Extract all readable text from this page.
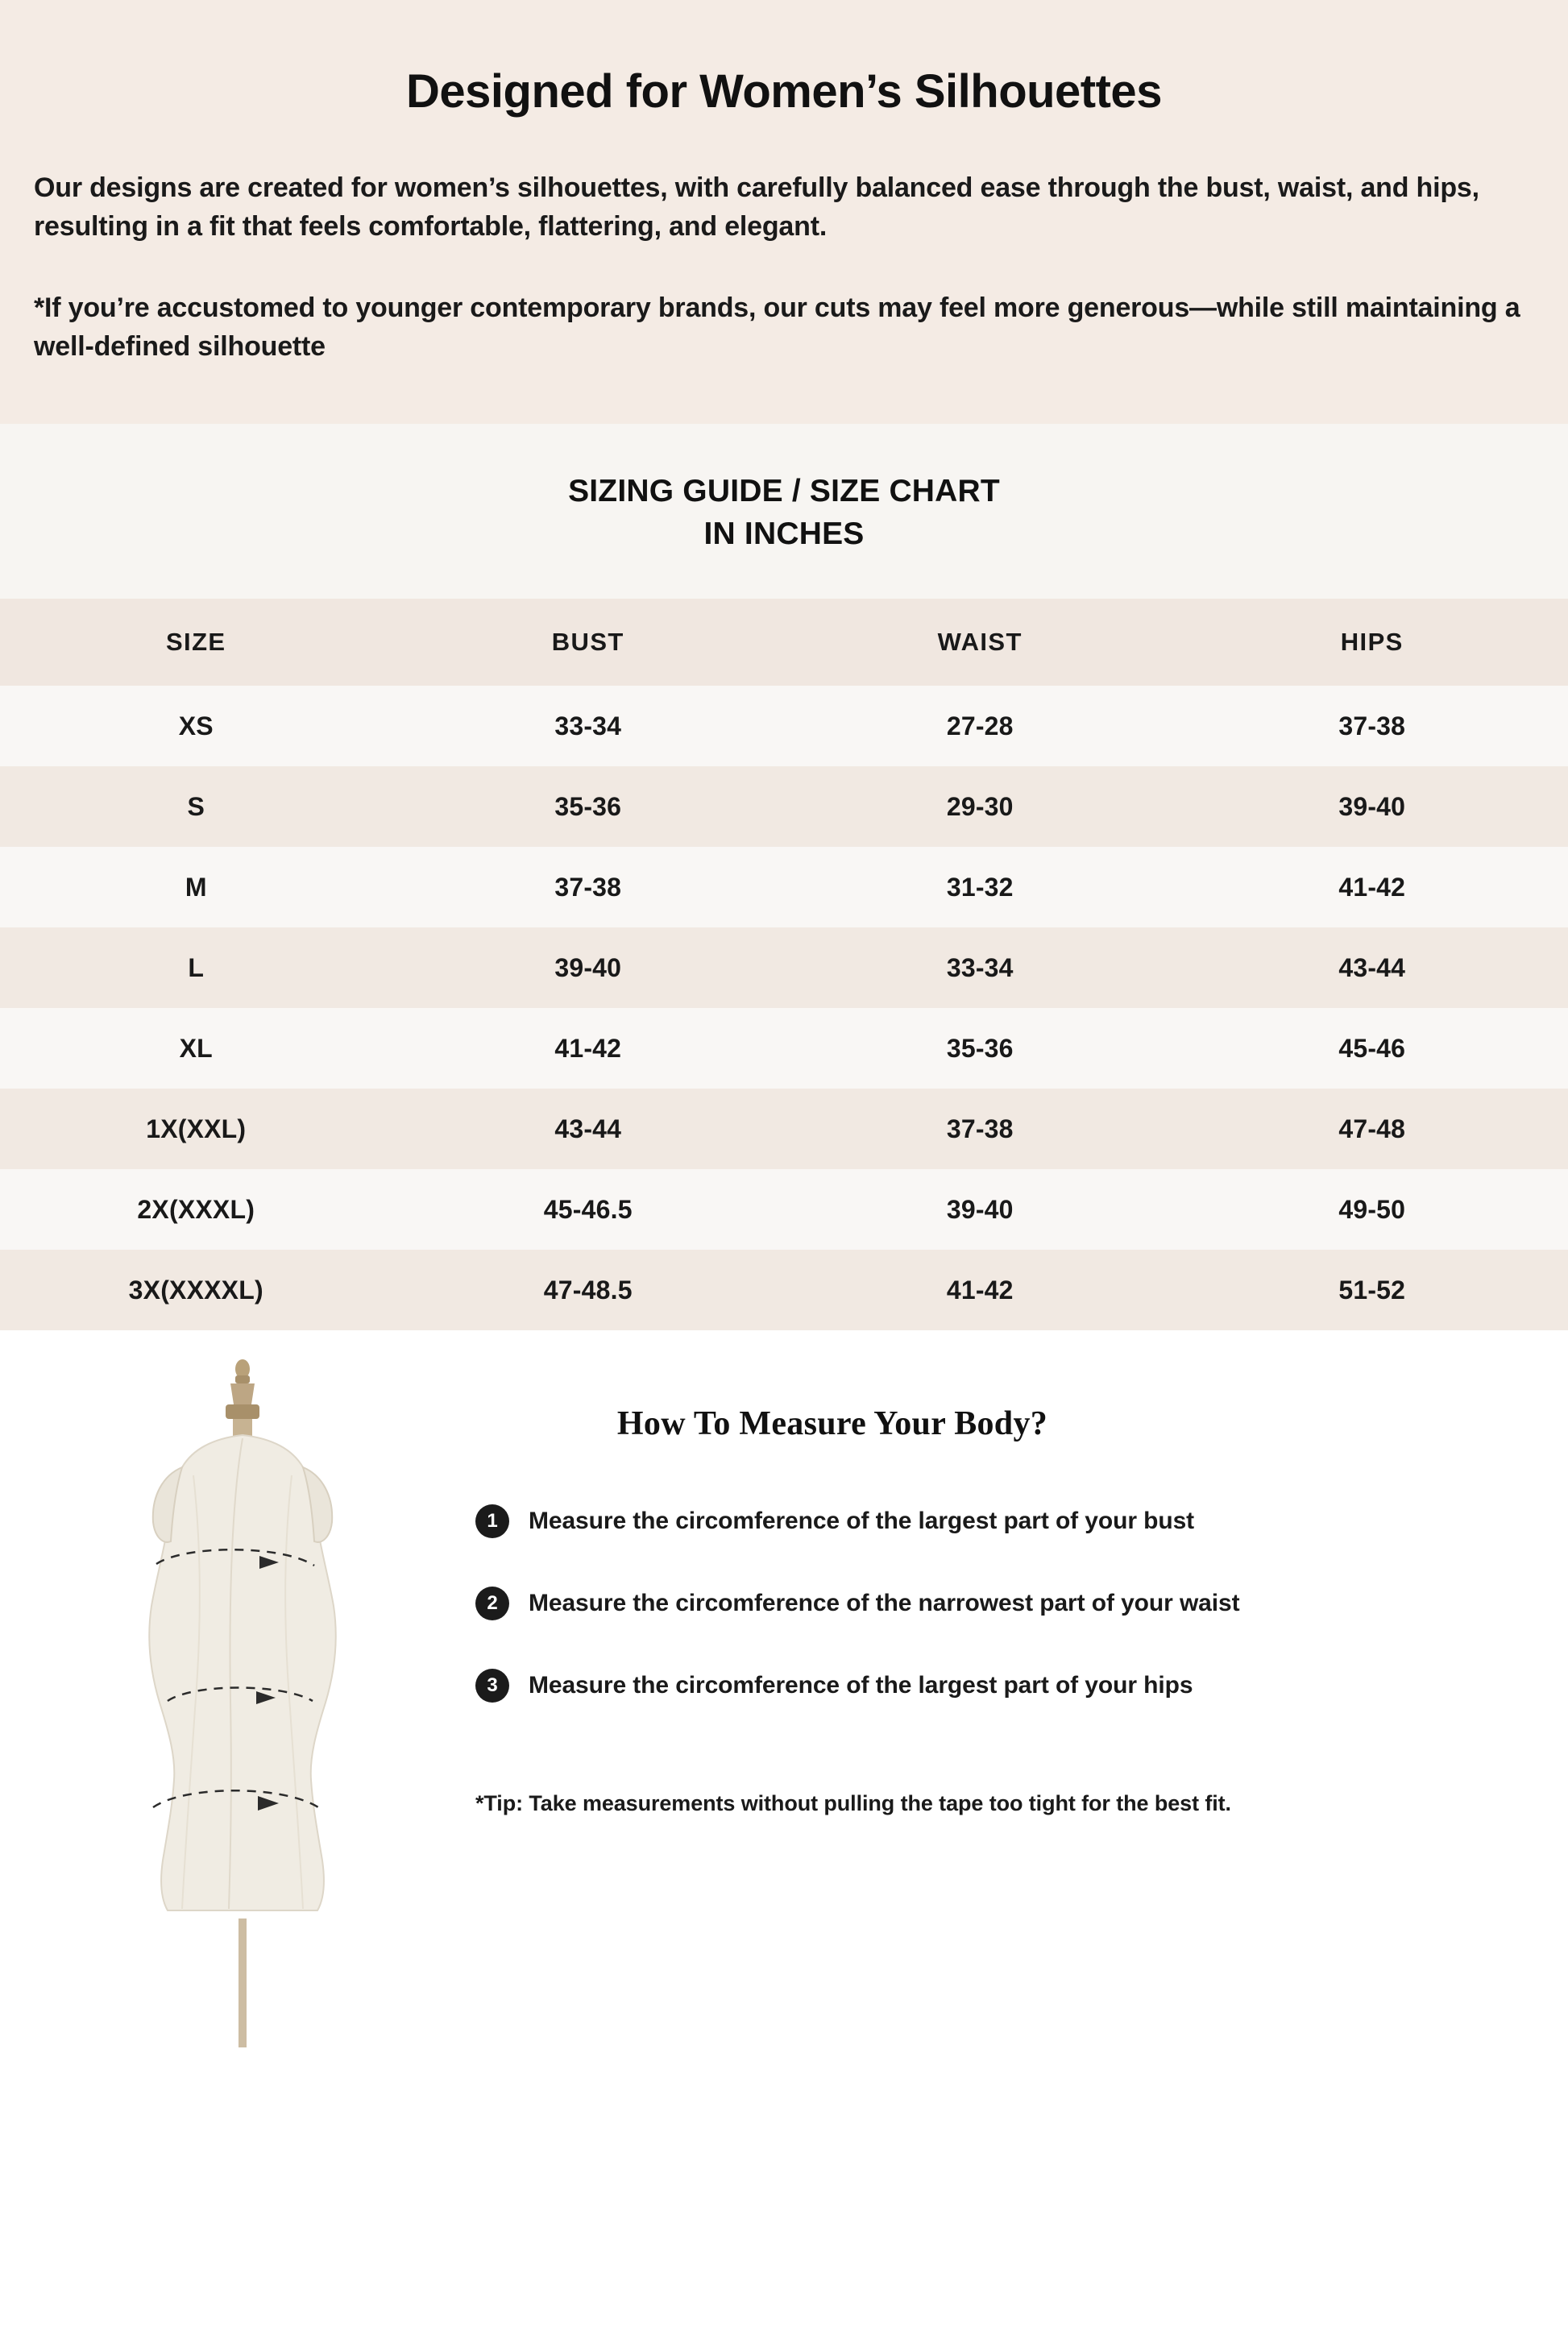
Designed for Women’s Silhouettes

Our designs are created for women’s silhouettes, with carefully balanced ease through the bust, waist, and hips, resulting in a fit that feels comfortable, flattering, and elegant.

*If you’re accustomed to younger contemporary brands, our cuts may feel more generous—while still maintaining a well-defined silhouette

SIZING GUIDE / SIZE CHART
IN INCHES
SIZE	BUST	WAIST	HIPS
XS	33-34	27-28	37-38
S	35-36	29-30	39-40
M	37-38	31-32	41-42
L	39-40	33-34	43-44
XL	41-42	35-36	45-46
1X(XXL)	43-44	37-38	47-48
2X(XXXL)	45-46.5	39-40	49-50
3X(XXXXL)	47-48.5	41-42	51-52
How To Measure Your Body?
1	Measure the circomference of the largest part of your bust
2	Measure the circomference of the narrowest part of your waist
3	Measure the circomference of the largest part of your hips
*Tip: Take measurements without pulling the tape too tight for the best fit.
